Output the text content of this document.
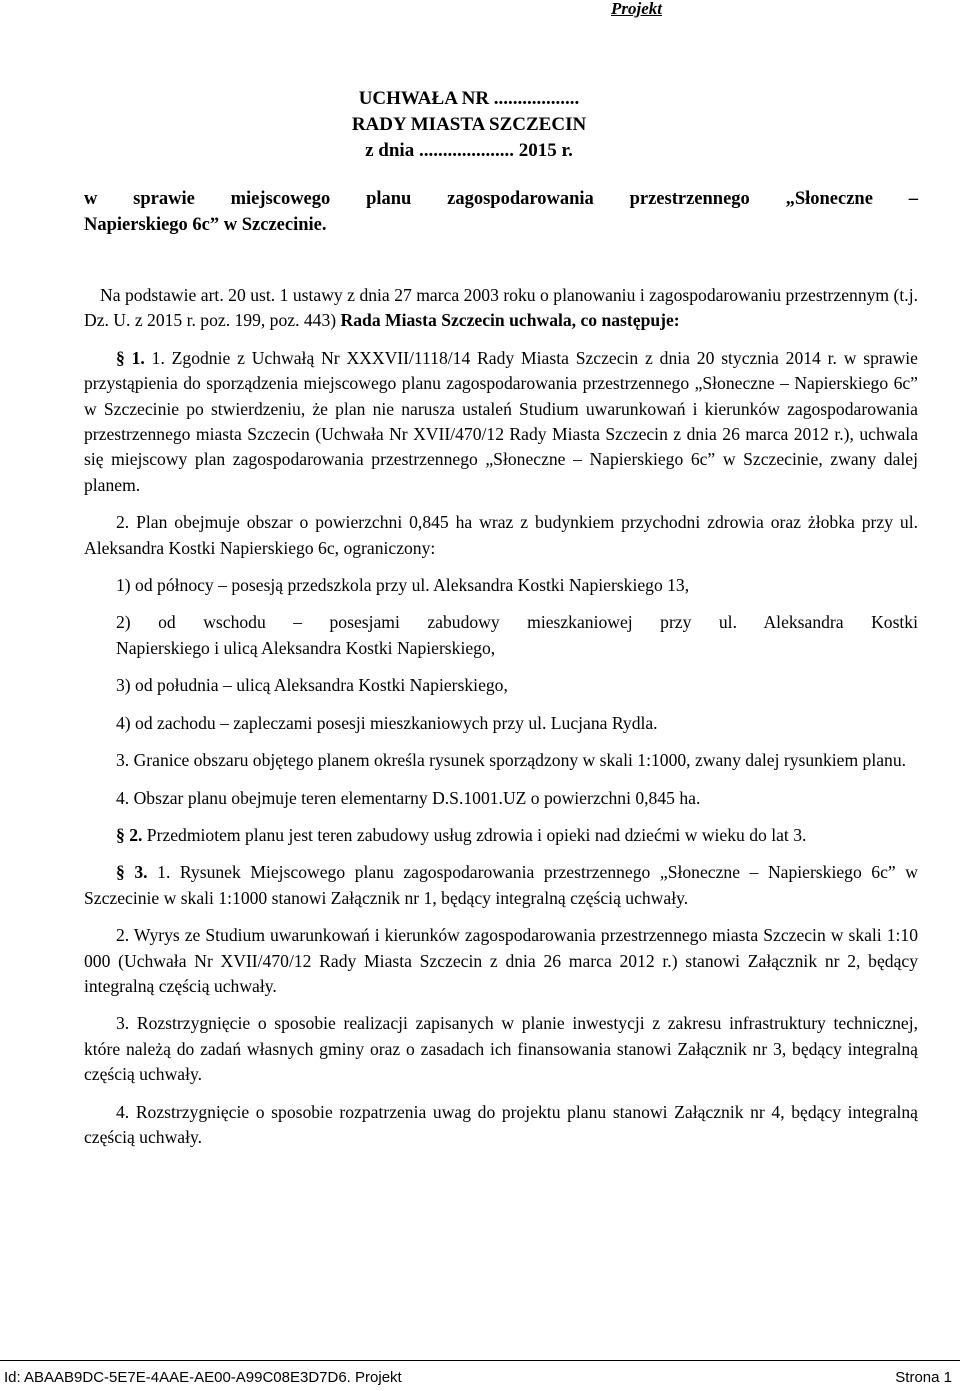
Projekt
UCHWAŁA NR ..................
RADY MIASTA SZCZECIN
z dnia .................... 2015 r.
w sprawie miejscowego planu zagospodarowania przestrzennego „Słoneczne –
Napierskiego 6c” w Szczecinie.

Na podstawie art. 20 ust. 1 ustawy z dnia 27 marca 2003 roku o planowaniu i zagospodarowaniu przestrzennym (t.j. Dz. U. z 2015 r. poz. 199, poz. 443) Rada Miasta Szczecin uchwala, co następuje:

§ 1. 1. Zgodnie z Uchwałą Nr XXXVII/1118/14 Rady Miasta Szczecin z dnia 20 stycznia 2014 r. w sprawie przystąpienia do sporządzenia miejscowego planu zagospodarowania przestrzennego „Słoneczne – Napierskiego 6c” w Szczecinie po stwierdzeniu, że plan nie narusza ustaleń Studium uwarunkowań i kierunków zagospodarowania przestrzennego miasta Szczecin (Uchwała Nr XVII/470/12 Rady Miasta Szczecin z dnia 26 marca 2012 r.), uchwala się miejscowy plan zagospodarowania przestrzennego „Słoneczne – Napierskiego 6c” w Szczecinie, zwany dalej planem.

2. Plan obejmuje obszar o powierzchni 0,845 ha wraz z budynkiem przychodni zdrowia oraz żłobka przy ul. Aleksandra Kostki Napierskiego 6c, ograniczony:

1) od północy – posesją przedszkola przy ul. Aleksandra Kostki Napierskiego 13,

2) od wschodu – posesjami zabudowy mieszkaniowej przy ul. Aleksandra Kostki
Napierskiego i ulicą Aleksandra Kostki Napierskiego,

3) od południa – ulicą Aleksandra Kostki Napierskiego,

4) od zachodu – zapleczami posesji mieszkaniowych przy ul. Lucjana Rydla.

3. Granice obszaru objętego planem określa rysunek sporządzony w skali 1:1000, zwany dalej rysunkiem planu.

4. Obszar planu obejmuje teren elementarny D.S.1001.UZ o powierzchni 0,845 ha.

§ 2. Przedmiotem planu jest teren zabudowy usług zdrowia i opieki nad dziećmi w wieku do lat 3.

§ 3. 1. Rysunek Miejscowego planu zagospodarowania przestrzennego „Słoneczne – Napierskiego 6c” w Szczecinie w skali 1:1000 stanowi Załącznik nr 1, będący integralną częścią uchwały.

2. Wyrys ze Studium uwarunkowań i kierunków zagospodarowania przestrzennego miasta Szczecin w skali 1:10 000 (Uchwała Nr XVII/470/12 Rady Miasta Szczecin z dnia 26 marca 2012 r.) stanowi Załącznik nr 2, będący integralną częścią uchwały.

3. Rozstrzygnięcie o sposobie realizacji zapisanych w planie inwestycji z zakresu infrastruktury technicznej, które należą do zadań własnych gminy oraz o zasadach ich finansowania stanowi Załącznik nr 3, będący integralną częścią uchwały.

4. Rozstrzygnięcie o sposobie rozpatrzenia uwag do projektu planu stanowi Załącznik nr 4, będący integralną częścią uchwały.

Id: ABAAB9DC-5E7E-4AAE-AE00-A99C08E3D7D6. Projekt	Strona 1
